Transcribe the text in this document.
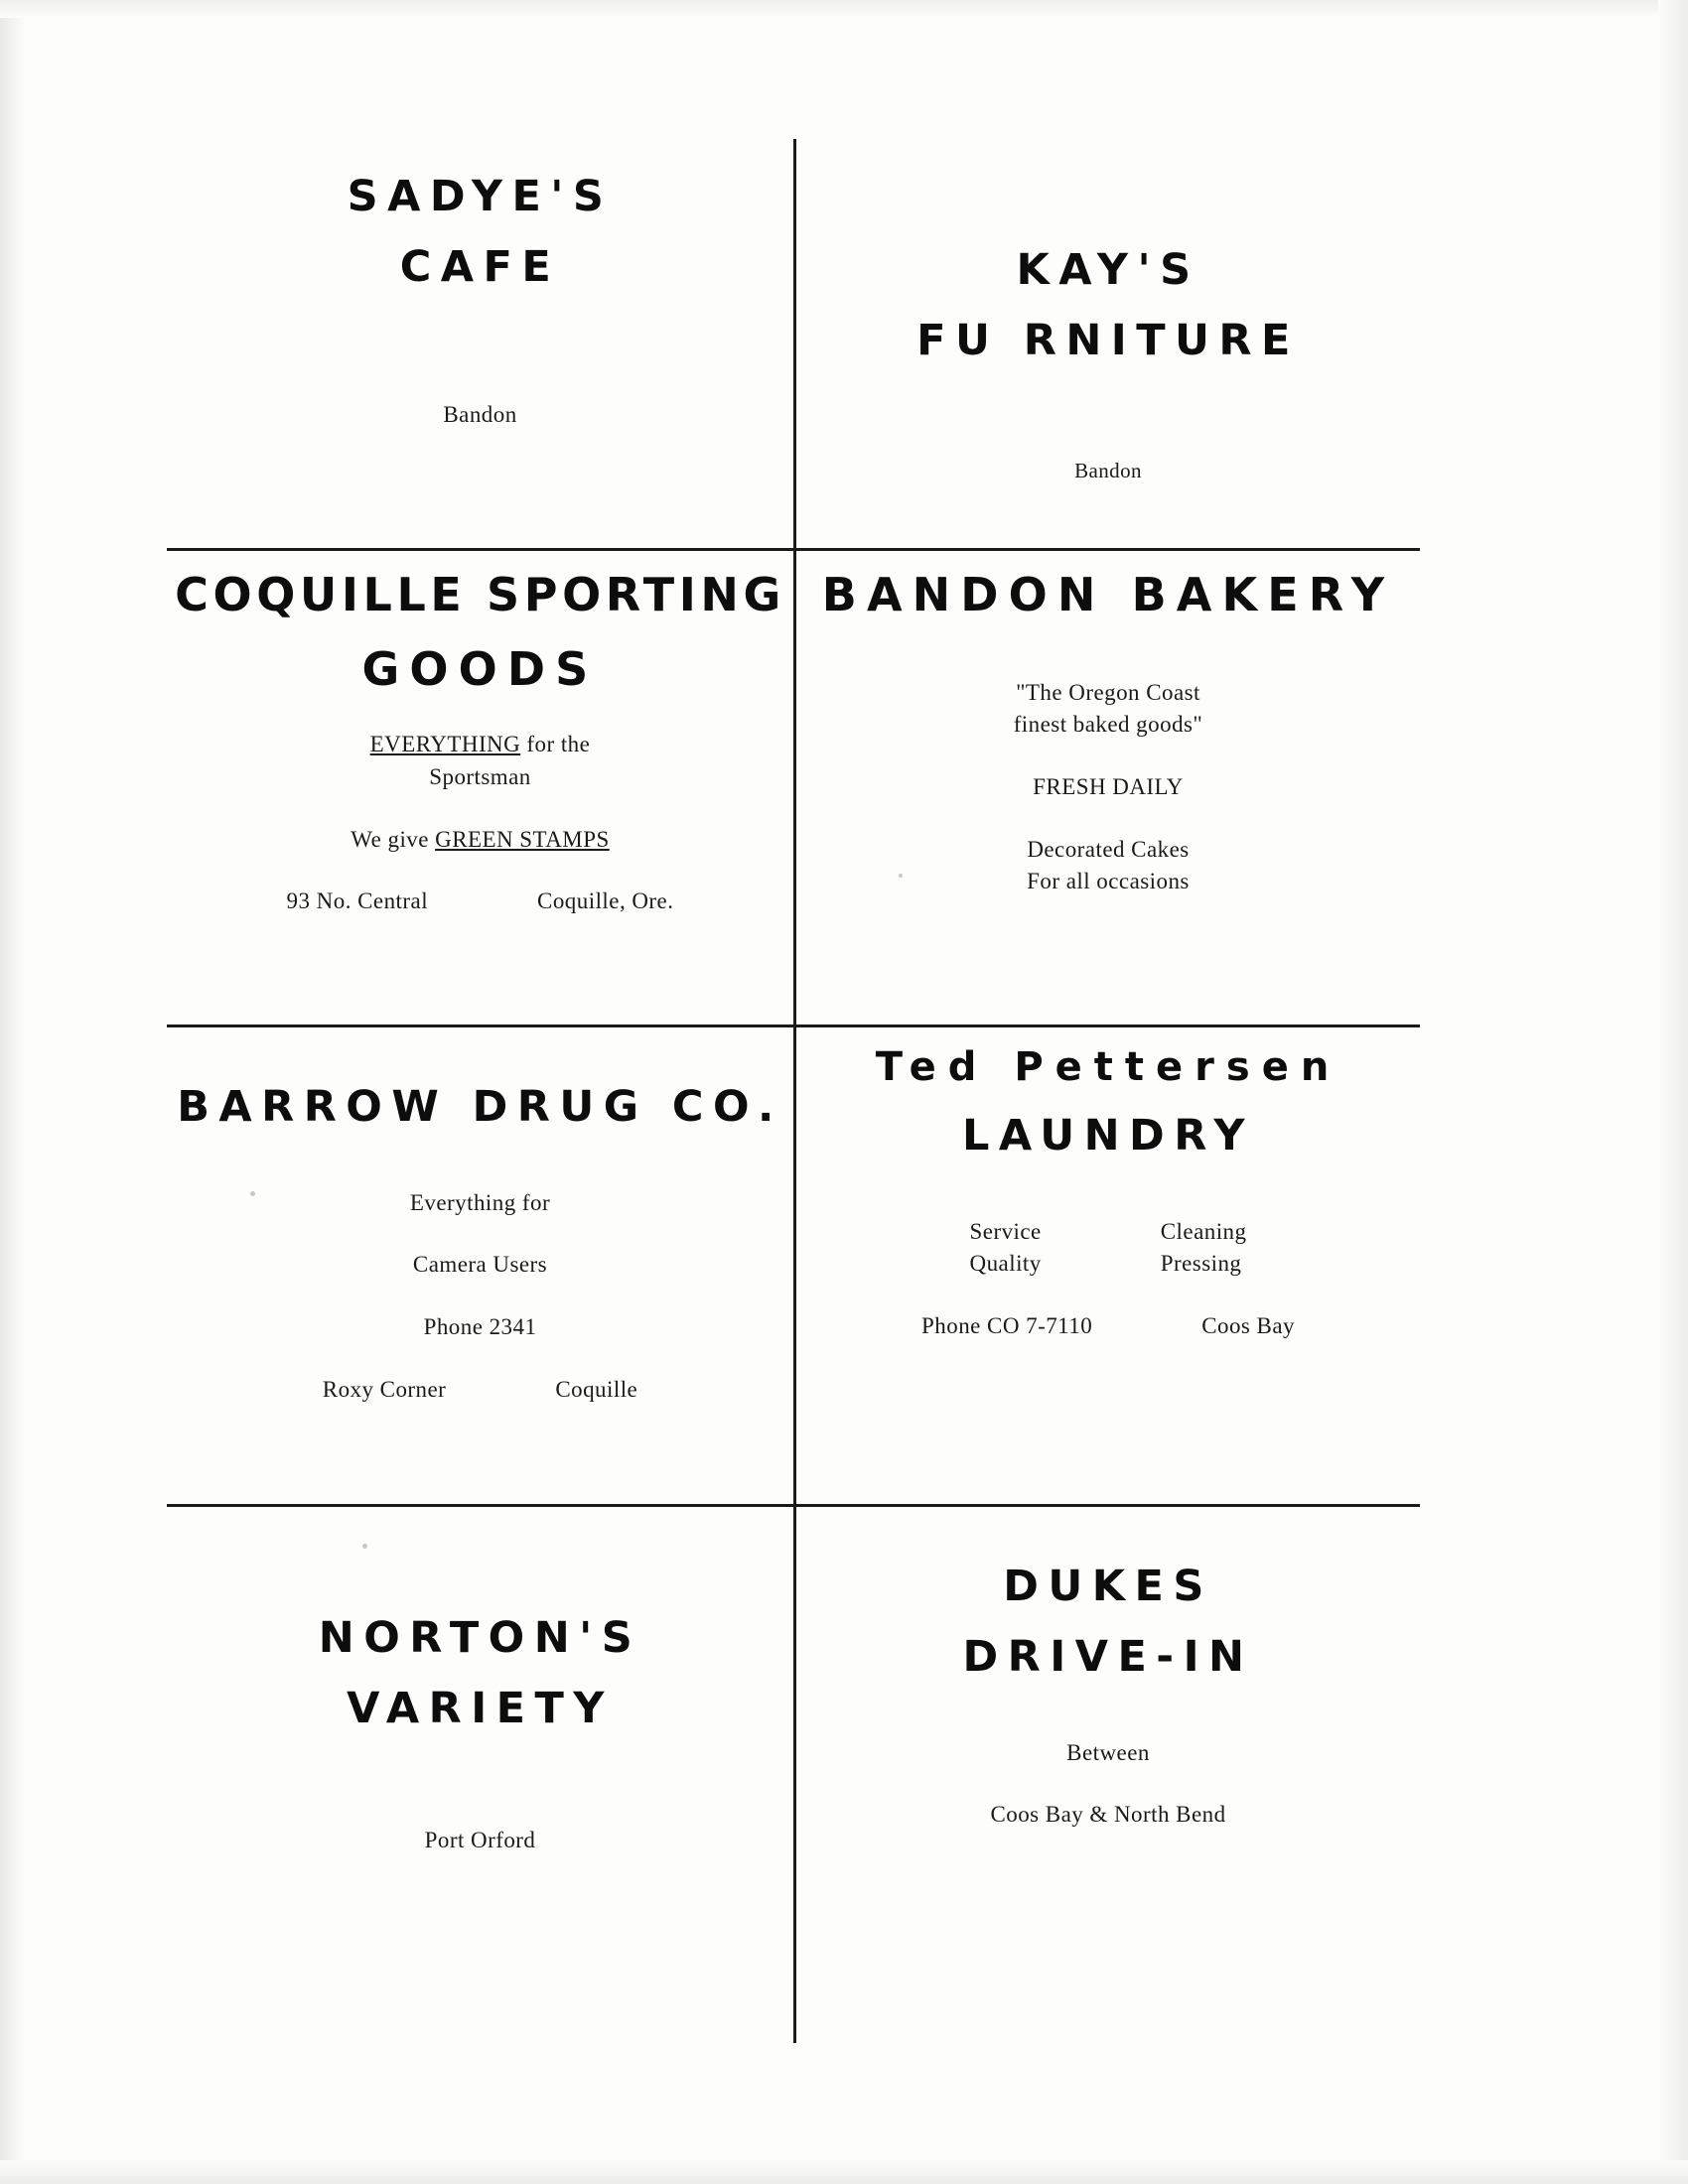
SADYE'S
CAFE
Bandon
KAY'S
FU RNITURE
Bandon
COQUILLE SPORTING
GOODS
EVERYTHING for the
Sportsman
We give GREEN STAMPS
93 No. Central	Coquille, Ore.
BANDON BAKERY
"The Oregon Coast
finest baked goods"
FRESH DAILY
Decorated Cakes
For all occasions
BARROW DRUG CO.
Everything for
Camera Users
Phone 2341
Roxy Corner	Coquille
Ted Pettersen
LAUNDRY
Service
Quality
Cleaning
Pressing
Phone CO 7-7110	Coos Bay
NORTON'S
VARIETY
Port Orford
DUKES
DRIVE-IN
Between
Coos Bay & North Bend
